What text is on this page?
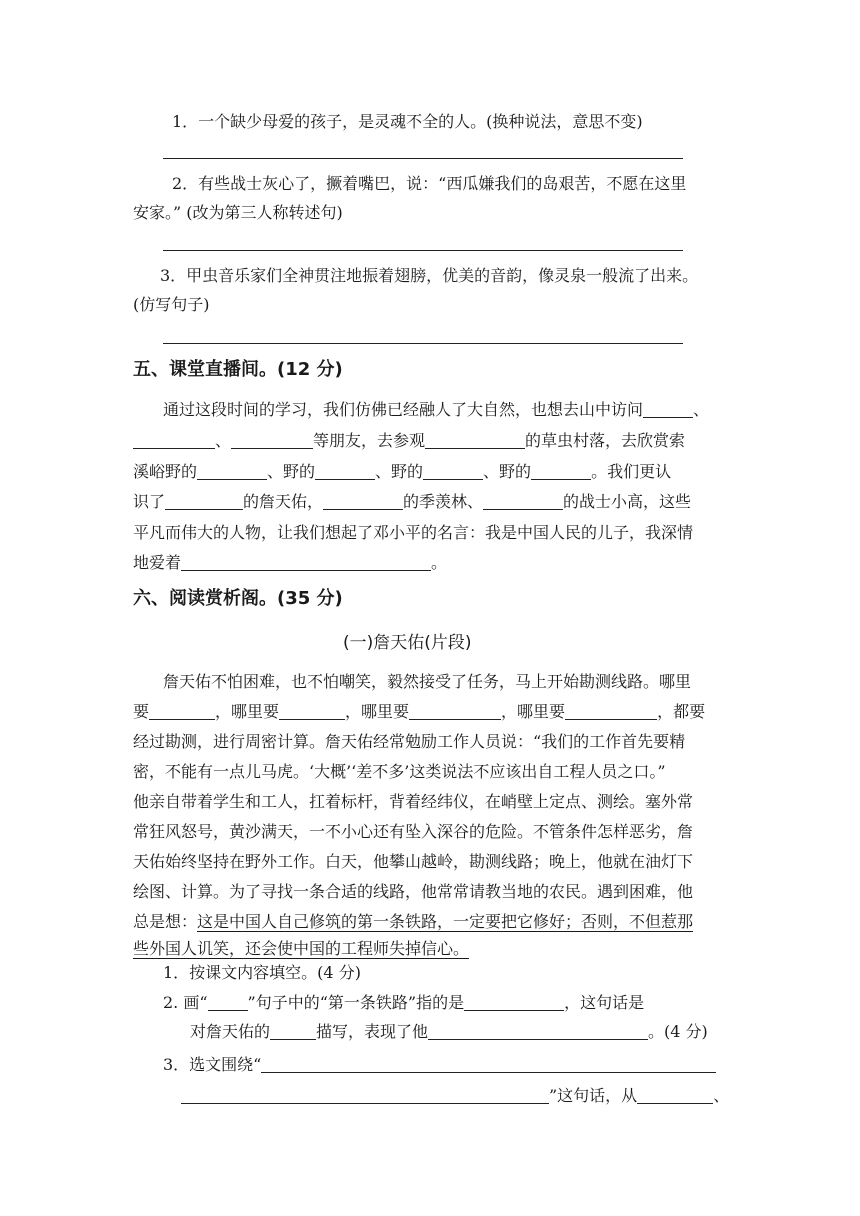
1．一个缺少母爱的孩子，是灵魂不全的人。(换种说法，意思不变)
2．有些战士灰心了，撅着嘴巴，说：“西瓜嫌我们的岛艰苦，不愿在这里
安家。” (改为第三人称转述句)
3．甲虫音乐家们全神贯注地振着翅膀，优美的音韵，像灵泉一般流了出来。
(仿写句子)
五、课堂直播间。(12 分)
通过这段时间的学习，我们仿佛已经融人了大自然，也想去山中访问	、
、	等朋友，去参观	的草虫村落，去欣赏索
溪峪野的	、野的	、野的	、野的	。我们更认
识了	的詹天佑，	的季羡林、	的战士小高，这些
平凡而伟大的人物，让我们想起了邓小平的名言：我是中国人民的儿子，我深情
地爱着	。
六、阅读赏析阁。(35 分)
(一)詹天佑(片段)
詹天佑不怕困难，也不怕嘲笑，毅然接受了任务，马上开始勘测线路。哪里
要	，哪里要	，哪里要	，哪里要	，都要
经过勘测，进行周密计算。詹天佑经常勉励工作人员说：“我们的工作首先要精
密，不能有一点儿马虎。‘大概’‘差不多’这类说法不应该出自工程人员之口。”
他亲自带着学生和工人，扛着标杆，背着经纬仪，在峭壁上定点、测绘。塞外常
常狂风怒号，黄沙满天，一不小心还有坠入深谷的危险。不管条件怎样恶劣，詹
天佑始终坚持在野外工作。白天，他攀山越岭，勘测线路；晚上，他就在油灯下
绘图、计算。为了寻找一条合适的线路，他常常请教当地的农民。遇到困难，他
总是想：这是中国人自己修筑的第一条铁路，一定要把它修好；否则，不但惹那
些外国人讥笑，还会使中国的工程师失掉信心。
1．按课文内容填空。(4 分)
2. 画“	”句子中的“第一条铁路”指的是	，这句话是
对詹天佑的	描写，表现了他	。(4 分)
3．选文围绕“
”这句话，从	、
